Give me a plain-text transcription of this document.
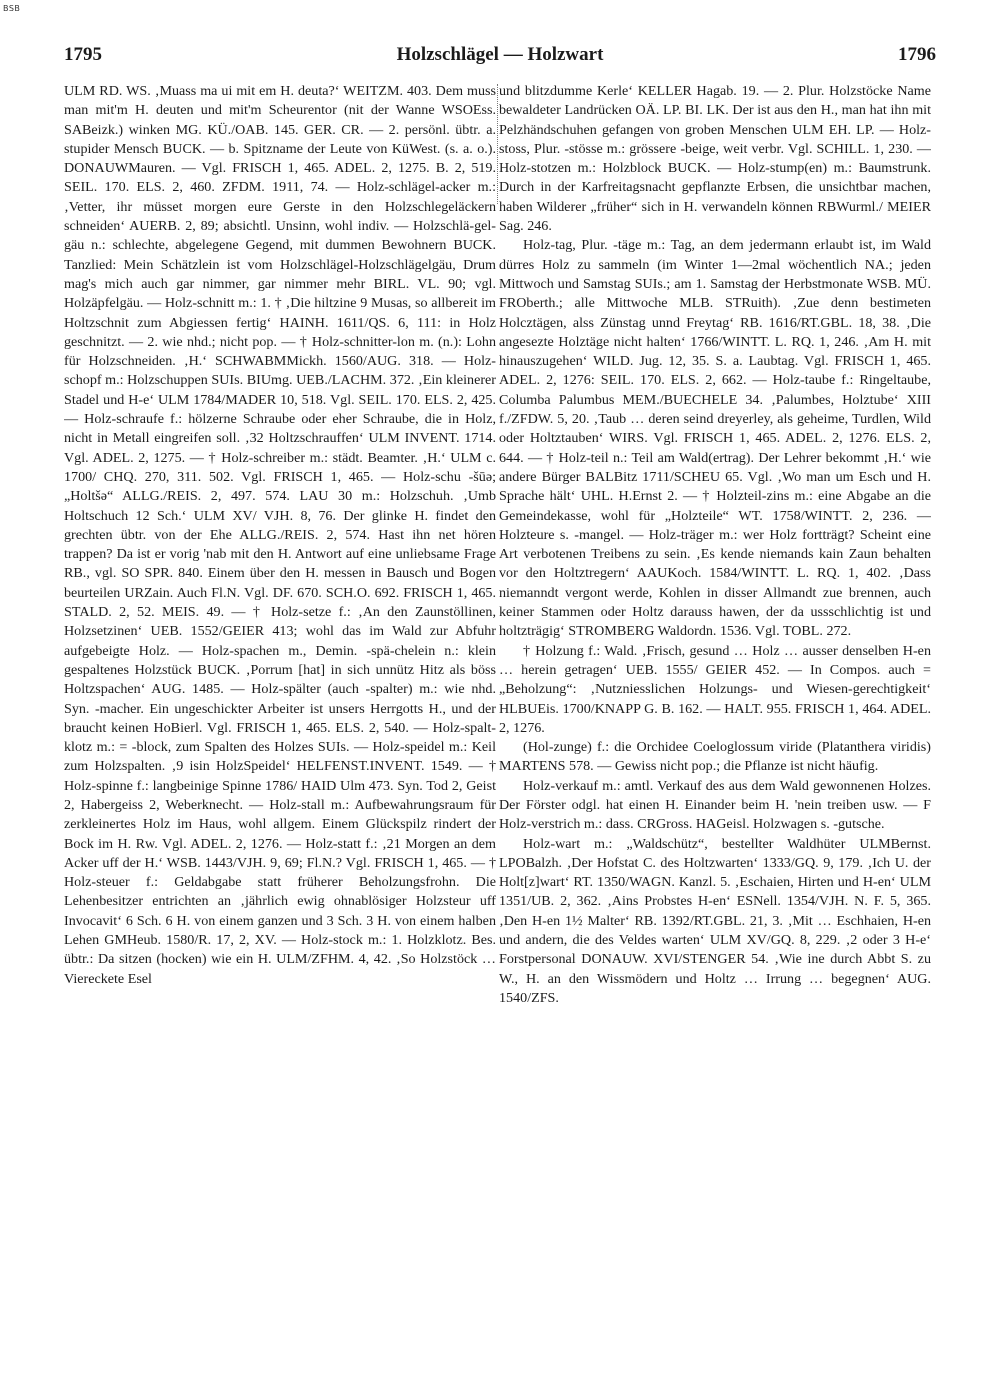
BSB
1795	Holzschlägel — Holzwart	1796

ULM RD. WS. ‚Muass ma ui mit em H. deuta?‘ WEITZM. 403. Dem muss man mit'm H. deuten und mit'm Scheurentor (nit der Wanne WSOEss. SABeizk.) winken MG. KÜ./OAB. 145. GER. CR. — 2. persönl. übtr. a. stupider Mensch BUCK. — b. Spitzname der Leute von KüWest. (s. a. o.). DONAUWMauren. — Vgl. FRISCH 1, 465. ADEL. 2, 1275. B. 2, 519. SEIL. 170. ELS. 2, 460. ZFDM. 1911, 74. — Holz-schlägel-acker m.: ‚Vetter, ihr müsset morgen eure Gerste in den Holzschlegeläckern schneiden‘ AUERB. 2, 89; absichtl. Unsinn, wohl indiv. — Holzschlä-gel-gäu n.: schlechte, abgelegene Gegend, mit dummen Bewohnern BUCK. Tanzlied: Mein Schätzlein ist vom Holzschlägel-Holzschlägelgäu, Drum mag's mich auch gar nimmer, gar nimmer mehr BIRL. VL. 90; vgl. Holzäpfelgäu. — Holz-schnitt m.: 1. † ‚Die hiltzine 9 Musas, so allbereit im Holtzschnit zum Abgiessen fertig‘ HAINH. 1611/QS. 6, 111: in Holz geschnitzt. — 2. wie nhd.; nicht pop. — † Holz-schnitter-lon m. (n.): Lohn für Holzschneiden. ‚H.‘ SCHWABMMickh. 1560/AUG. 318. — Holz-schopf m.: Holzschuppen SUIs. BIUmg. UEB./LACHM. 372. ‚Ein kleinerer Stadel und H-e‘ ULM 1784/MADER 10, 518. Vgl. SEIL. 170. ELS. 2, 425. — Holz-schraufe f.: hölzerne Schraube oder eher Schraube, die in Holz, nicht in Metall eingreifen soll. ‚32 Holtzschrauffen‘ ULM INVENT. 1714. Vgl. ADEL. 2, 1275. — † Holz-schreiber m.: städt. Beamter. ‚H.‘ ULM c. 1700/ CHQ. 270, 311. 502. Vgl. FRISCH 1, 465. — Holz-schu -šūə; „Holtšə“ ALLG./REIS. 2, 497. 574. LAU 30 m.: Holzschuh. ‚Umb Holtschuch 12 Sch.‘ ULM XV/ VJH. 8, 76. Der glinke H. findet den grechten übtr. von der Ehe ALLG./REIS. 2, 574. Hast ihn net hören trappen? Da ist er vorig 'nab mit den H. Antwort auf eine unliebsame Frage RB., vgl. SO SPR. 840. Einem über den H. messen in Bausch und Bogen beurteilen URZain. Auch Fl.N. Vgl. DF. 670. SCH.O. 692. FRISCH 1, 465. STALD. 2, 52. MEIS. 49. — † Holz-setze f.: ‚An den Zaunstöllinen, Holzsetzinen‘ UEB. 1552/GEIER 413; wohl das im Wald zur Abfuhr aufgebeigte Holz. — Holz-spachen m., Demin. -spä-chelein n.: klein gespaltenes Holzstück BUCK. ‚Porrum [hat] in sich unnütz Hitz als böss Holtzspachen‘ AUG. 1485. — Holz-spälter (auch -spalter) m.: wie nhd. Syn. -macher. Ein ungeschickter Arbeiter ist unsers Herrgotts H., und der braucht keinen HoBierl. Vgl. FRISCH 1, 465. ELS. 2, 540. — Holz-spalt-klotz m.: = -block, zum Spalten des Holzes SUIs. — Holz-speidel m.: Keil zum Holzspalten. ‚9 isin HolzSpeidel‘ HELFENST.INVENT. 1549. — † Holz-spinne f.: langbeinige Spinne 1786/ HAID Ulm 473. Syn. Tod 2, Geist 2, Habergeiss 2, Weberknecht. — Holz-stall m.: Aufbewahrungsraum für zerkleinertes Holz im Haus, wohl allgem. Einem Glückspilz rindert der Bock im H. Rw. Vgl. ADEL. 2, 1276. — Holz-statt f.: ‚21 Morgen an dem Acker uff der H.‘ WSB. 1443/VJH. 9, 69; Fl.N.? Vgl. FRISCH 1, 465. — † Holz-steuer f.: Geldabgabe statt früherer Beholzungsfrohn. Die Lehenbesitzer entrichten an ‚jährlich ewig ohnablösiger Holzsteur uff Invocavit‘ 6 Sch. 6 H. von einem ganzen und 3 Sch. 3 H. von einem halben Lehen GMHeub. 1580/R. 17, 2, XV. — Holz-stock m.: 1. Holzklotz. Bes. übtr.: Da sitzen (hocken) wie ein H. ULM/ZFHM. 4, 42. ‚So Holzstöck … Viereckete Esel

und blitzdumme Kerle‘ KELLER Hagab. 19. — 2. Plur. Holzstöcke Name bewaldeter Landrücken OÄ. LP. BI. LK. Der ist aus den H., man hat ihn mit Pelzhändschuhen gefangen von groben Menschen ULM EH. LP. — Holz-stoss, Plur. -stösse m.: grössere -beige, weit verbr. Vgl. SCHILL. 1, 230. — Holz-stotzen m.: Holzblock BUCK. — Holz-stump(en) m.: Baumstrunk. Durch in der Karfreitagsnacht gepflanzte Erbsen, die unsichtbar machen, haben Wilderer „früher“ sich in H. verwandeln können RBWurml./ MEIER Sag. 246.

Holz-tag, Plur. -täge m.: Tag, an dem jedermann erlaubt ist, im Wald dürres Holz zu sammeln (im Winter 1—2mal wöchentlich NA.; jeden Mittwoch und Samstag SUIs.; am 1. Samstag der Herbstmonate WSB. MÜ. FROberth.; alle Mittwoche MLB. STRuith). ‚Zue denn bestimeten Holcztägen, alss Zünstag unnd Freytag‘ RB. 1616/RT.GBL. 18, 38. ‚Die angesezte Holztäge nicht halten‘ 1766/WINTT. L. RQ. 1, 246. ‚Am H. mit hinauszugehen‘ WILD. Jug. 12, 35. S. a. Laubtag. Vgl. FRISCH 1, 465. ADEL. 2, 1276: SEIL. 170. ELS. 2, 662. — Holz-taube f.: Ringeltaube, Columba Palumbus MEM./BUECHELE 34. ‚Palumbes, Holztube‘ XIII f./ZFDW. 5, 20. ‚Taub … deren seind dreyerley, als geheime, Turdlen, Wild oder Holtztauben‘ WIRS. Vgl. FRISCH 1, 465. ADEL. 2, 1276. ELS. 2, 644. — † Holz-teil n.: Teil am Wald(ertrag). Der Lehrer bekommt ‚H.‘ wie andere Bürger BALBitz 1711/SCHEU 65. Vgl. ‚Wo man um Esch und H. Sprache hält‘ UHL. H.Ernst 2. — † Holzteil-zins m.: eine Abgabe an die Gemeindekasse, wohl für „Holzteile“ WT. 1758/WINTT. 2, 236. — Holzteure s. -mangel. — Holz-träger m.: wer Holz fortträgt? Scheint eine Art verbotenen Treibens zu sein. ‚Es kende niemands kain Zaun behalten vor den Holtztregern‘ AAUKoch. 1584/WINTT. L. RQ. 1, 402. ‚Dass niemanndt vergont werde, Kohlen in disser Allmandt zue brennen, auch keiner Stammen oder Holtz darauss hawen, der da ussschlichtig ist und holtzträgig‘ STROMBERG Waldordn. 1536. Vgl. TOBL. 272.

† Holzung f.: Wald. ‚Frisch, gesund … Holz … ausser denselben H-en … herein getragen‘ UEB. 1555/ GEIER 452. — In Compos. auch = „Beholzung“: ‚Nutzniesslichen Holzungs- und Wiesen-gerechtigkeit‘ HLBUEis. 1700/KNAPP G. B. 162. — HALT. 955. FRISCH 1, 464. ADEL. 2, 1276.

(Hol-zunge) f.: die Orchidee Coeloglossum viride (Platanthera viridis) MARTENS 578. — Gewiss nicht pop.; die Pflanze ist nicht häufig.

Holz-verkauf m.: amtl. Verkauf des aus dem Wald gewonnenen Holzes. Der Förster odgl. hat einen H. Einander beim H. 'nein treiben usw. — F Holz-verstrich m.: dass. CRGross. HAGeisl. Holzwagen s. -gutsche.

Holz-wart m.: „Waldschütz“, bestellter Waldhüter ULMBernst. LPOBalzh. ‚Der Hofstat C. des Holtzwarten‘ 1333/GQ. 9, 179. ‚Ich U. der Holt[z]wart‘ RT. 1350/WAGN. Kanzl. 5. ‚Eschaien, Hirten und H-en‘ ULM 1351/UB. 2, 362. ‚Ains Probstes H-en‘ ESNell. 1354/VJH. N. F. 5, 365. ‚Den H-en 1½ Malter‘ RB. 1392/RT.GBL. 21, 3. ‚Mit … Eschhaien, H-en und andern, die des Veldes warten‘ ULM XV/GQ. 8, 229. ‚2 oder 3 H-e‘ Forstpersonal DONAUW. XVI/STENGER 54. ‚Wie ine durch Abbt S. zu W., H. an den Wissmödern und Holtz … Irrung … begegnen‘ AUG. 1540/ZFS.
